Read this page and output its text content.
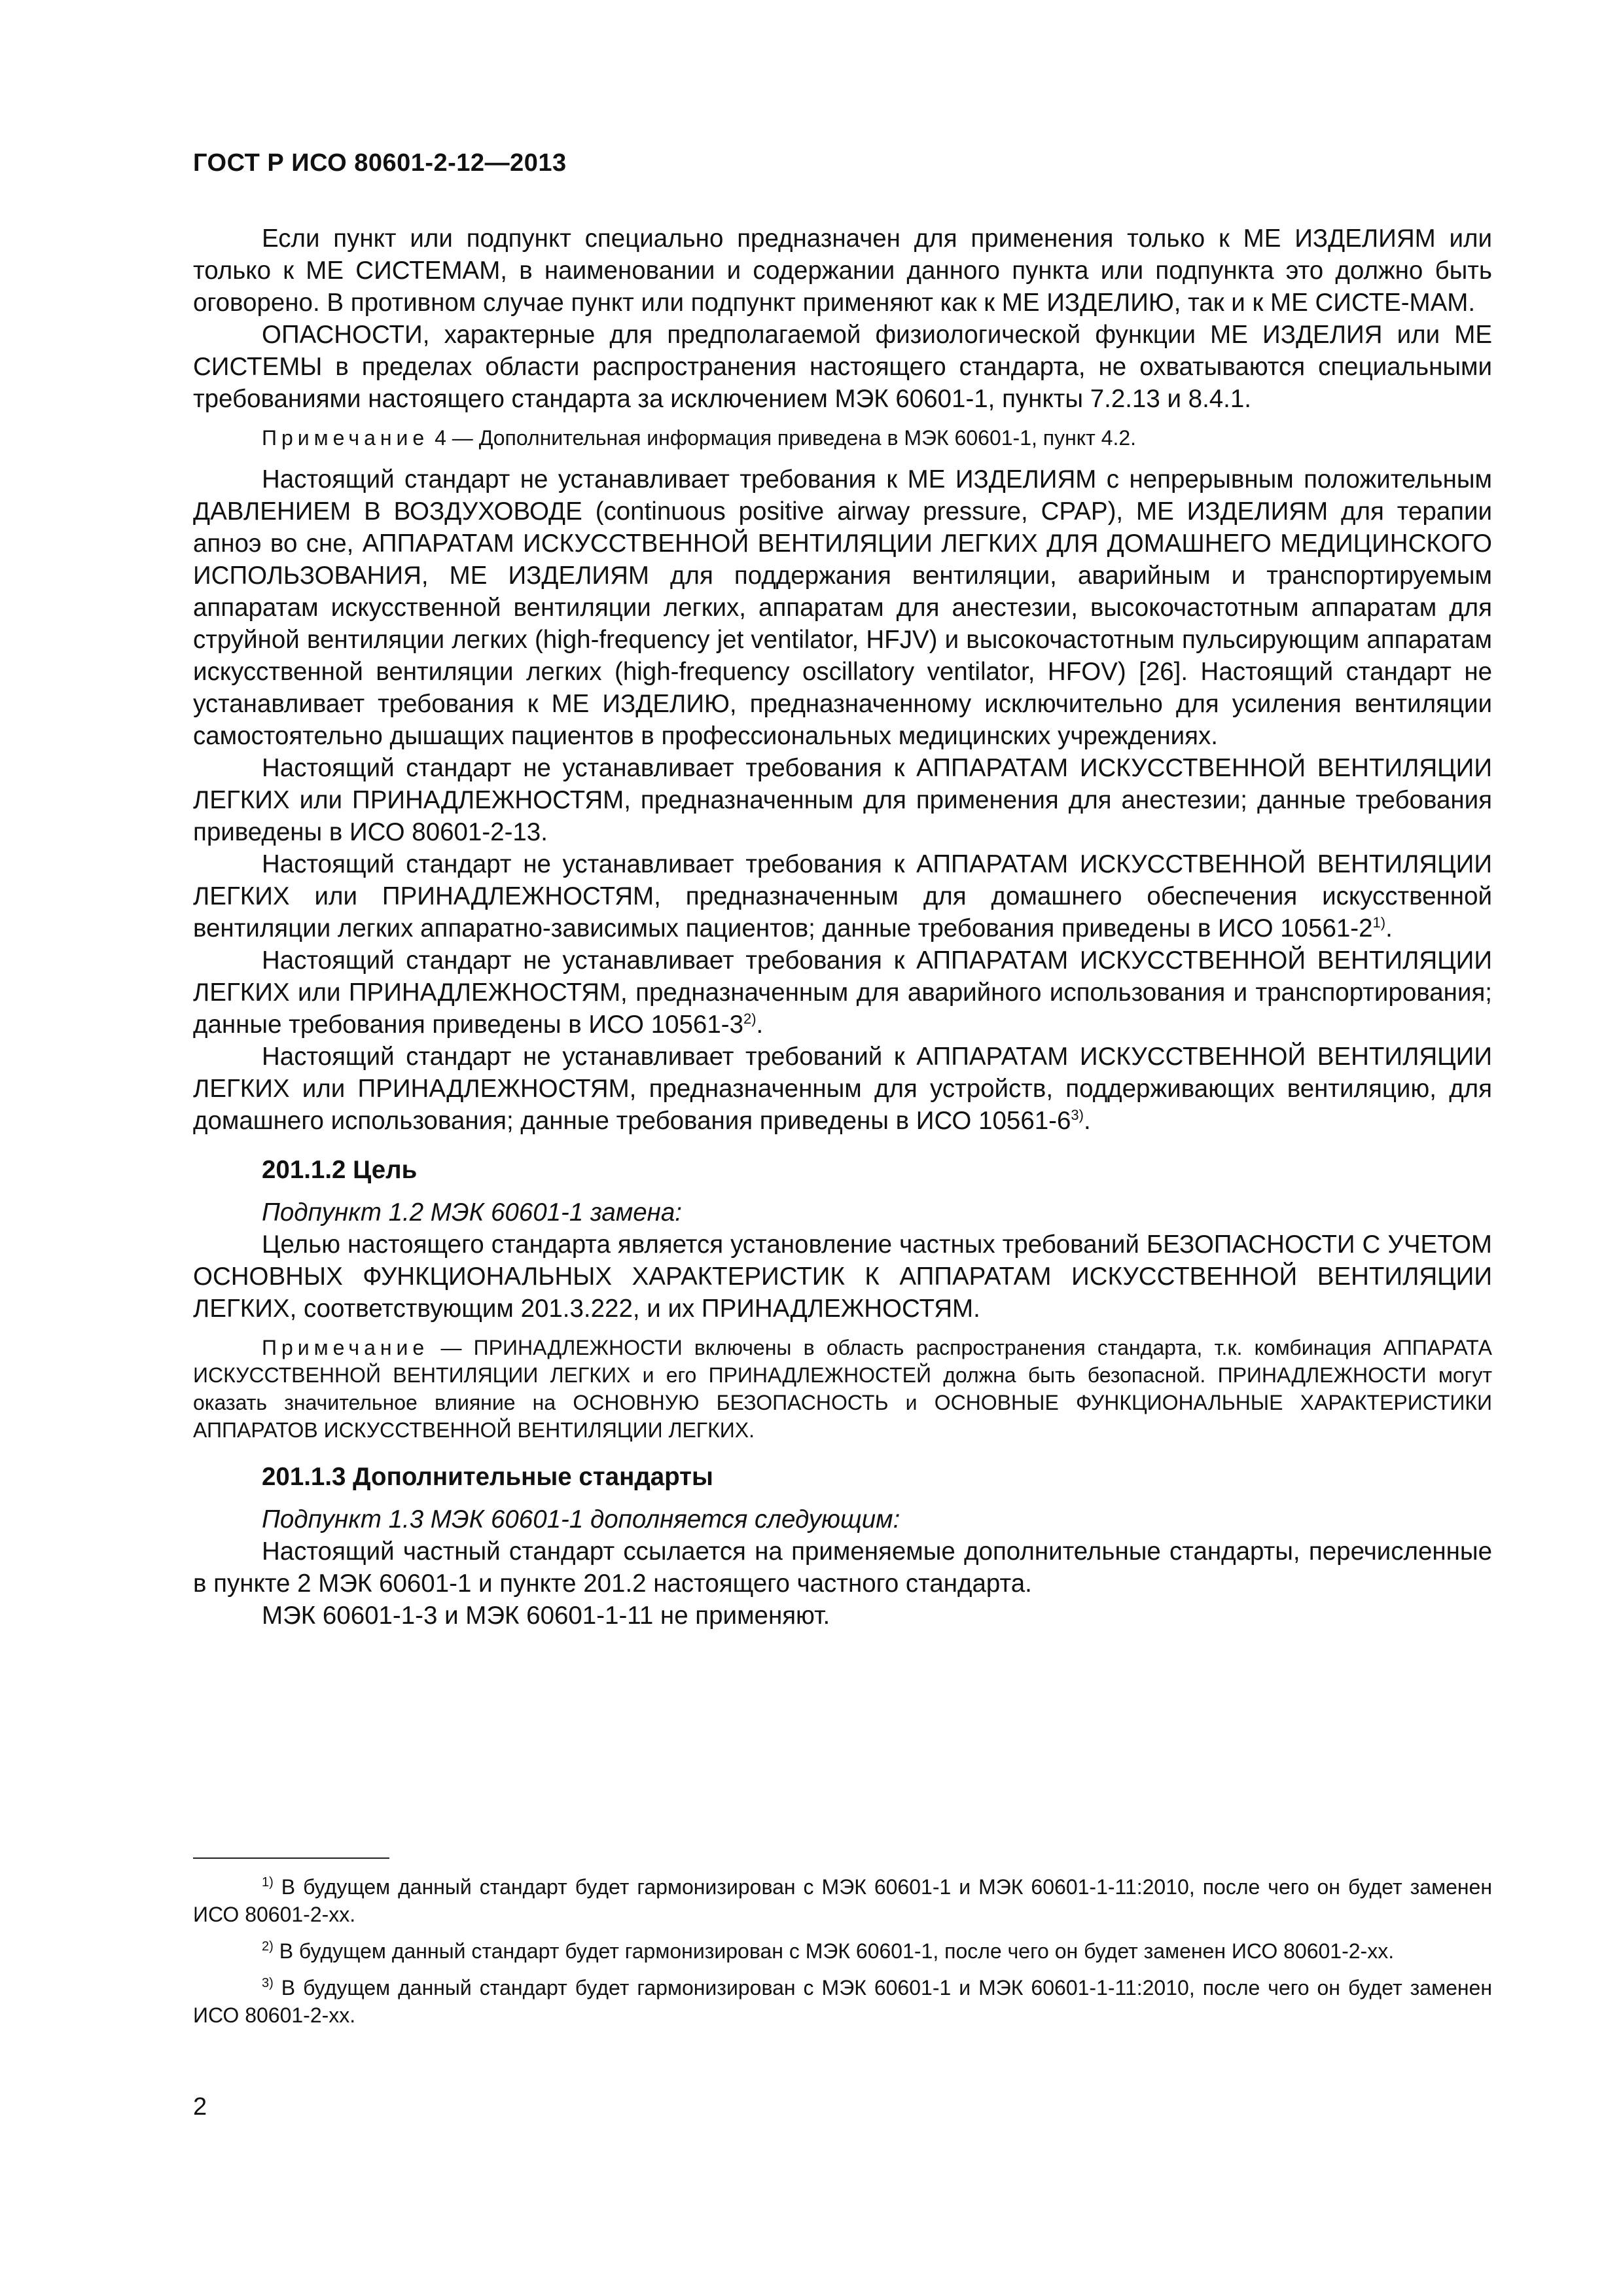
ГОСТ Р ИСО 80601-2-12—2013

Если пункт или подпункт специально предназначен для применения только к МЕ ИЗДЕЛИЯМ или только к МЕ СИСТЕМАМ, в наименовании и содержании данного пункта или подпункта это должно быть оговорено. В противном случае пункт или подпункт применяют как к МЕ ИЗДЕЛИЮ, так и к МЕ СИСТЕ-МАМ.

ОПАСНОСТИ, характерные для предполагаемой физиологической функции МЕ ИЗДЕЛИЯ или МЕ СИСТЕМЫ в пределах области распространения настоящего стандарта, не охватываются специальными требованиями настоящего стандарта за исключением МЭК 60601-1, пункты 7.2.13 и 8.4.1.

Примечание 4 — Дополнительная информация приведена в МЭК 60601-1, пункт 4.2.

Настоящий стандарт не устанавливает требования к МЕ ИЗДЕЛИЯМ с непрерывным положительным ДАВЛЕНИЕМ В ВОЗДУХОВОДЕ (continuous positive airway pressure, CPAP), МЕ ИЗДЕЛИЯМ для терапии апноэ во сне, АППАРАТАМ ИСКУССТВЕННОЙ ВЕНТИЛЯЦИИ ЛЕГКИХ ДЛЯ ДОМАШНЕГО МЕДИЦИНСКОГО ИСПОЛЬЗОВАНИЯ, МЕ ИЗДЕЛИЯМ для поддержания вентиляции, аварийным и транспортируемым аппаратам искусственной вентиляции легких, аппаратам для анестезии, высокочастотным аппаратам для струйной вентиляции легких (high-frequency jet ventilator, HFJV) и высокочастотным пульсирующим аппаратам искусственной вентиляции легких (high-frequency oscillatory ventilator, HFOV) [26]. Настоящий стандарт не устанавливает требования к МЕ ИЗДЕЛИЮ, предназначенному исключительно для усиления вентиляции самостоятельно дышащих пациентов в профессиональных медицинских учреждениях.

Настоящий стандарт не устанавливает требования к АППАРАТАМ ИСКУССТВЕННОЙ ВЕНТИЛЯЦИИ ЛЕГКИХ или ПРИНАДЛЕЖНОСТЯМ, предназначенным для применения для анестезии; данные требования приведены в ИСО 80601-2-13.

Настоящий стандарт не устанавливает требования к АППАРАТАМ ИСКУССТВЕННОЙ ВЕНТИЛЯЦИИ ЛЕГКИХ или ПРИНАДЛЕЖНОСТЯМ, предназначенным для домашнего обеспечения искусственной вентиляции легких аппаратно-зависимых пациентов; данные требования приведены в ИСО 10561-2$^{1)}$.

Настоящий стандарт не устанавливает требования к АППАРАТАМ ИСКУССТВЕННОЙ ВЕНТИЛЯЦИИ ЛЕГКИХ или ПРИНАДЛЕЖНОСТЯМ, предназначенным для аварийного использования и транспортирования; данные требования приведены в ИСО 10561-3$^{2)}$.

Настоящий стандарт не устанавливает требований к АППАРАТАМ ИСКУССТВЕННОЙ ВЕНТИЛЯЦИИ ЛЕГКИХ или ПРИНАДЛЕЖНОСТЯМ, предназначенным для устройств, поддерживающих вентиляцию, для домашнего использования; данные требования приведены в ИСО 10561-6$^{3)}$.

201.1.2 Цель

Подпункт 1.2 МЭК 60601-1 замена:

Целью настоящего стандарта является установление частных требований БЕЗОПАСНОСТИ С УЧЕТОМ ОСНОВНЫХ ФУНКЦИОНАЛЬНЫХ ХАРАКТЕРИСТИК К АППАРАТАМ ИСКУССТВЕННОЙ ВЕНТИЛЯЦИИ ЛЕГКИХ, соответствующим 201.3.222, и их ПРИНАДЛЕЖНОСТЯМ.

Примечание — ПРИНАДЛЕЖНОСТИ включены в область распространения стандарта, т.к. комбинация АППАРАТА ИСКУССТВЕННОЙ ВЕНТИЛЯЦИИ ЛЕГКИХ и его ПРИНАДЛЕЖНОСТЕЙ должна быть безопасной. ПРИНАДЛЕЖНОСТИ могут оказать значительное влияние на ОСНОВНУЮ БЕЗОПАСНОСТЬ и ОСНОВНЫЕ ФУНКЦИОНАЛЬНЫЕ ХАРАКТЕРИСТИКИ АППАРАТОВ ИСКУССТВЕННОЙ ВЕНТИЛЯЦИИ ЛЕГКИХ.

201.1.3 Дополнительные стандарты

Подпункт 1.3 МЭК 60601-1 дополняется следующим:

Настоящий частный стандарт ссылается на применяемые дополнительные стандарты, перечисленные в пункте 2 МЭК 60601-1 и пункте 201.2 настоящего частного стандарта.

МЭК 60601-1-3 и МЭК 60601-1-11 не применяют.

$^{1)}$ В будущем данный стандарт будет гармонизирован с МЭК 60601-1 и МЭК 60601-1-11:2010, после чего он будет заменен ИСО 80601-2-хх.

$^{2)}$ В будущем данный стандарт будет гармонизирован с МЭК 60601-1, после чего он будет заменен ИСО 80601-2-хх.

$^{3)}$ В будущем данный стандарт будет гармонизирован с МЭК 60601-1 и МЭК 60601-1-11:2010, после чего он будет заменен ИСО 80601-2-хх.

2
